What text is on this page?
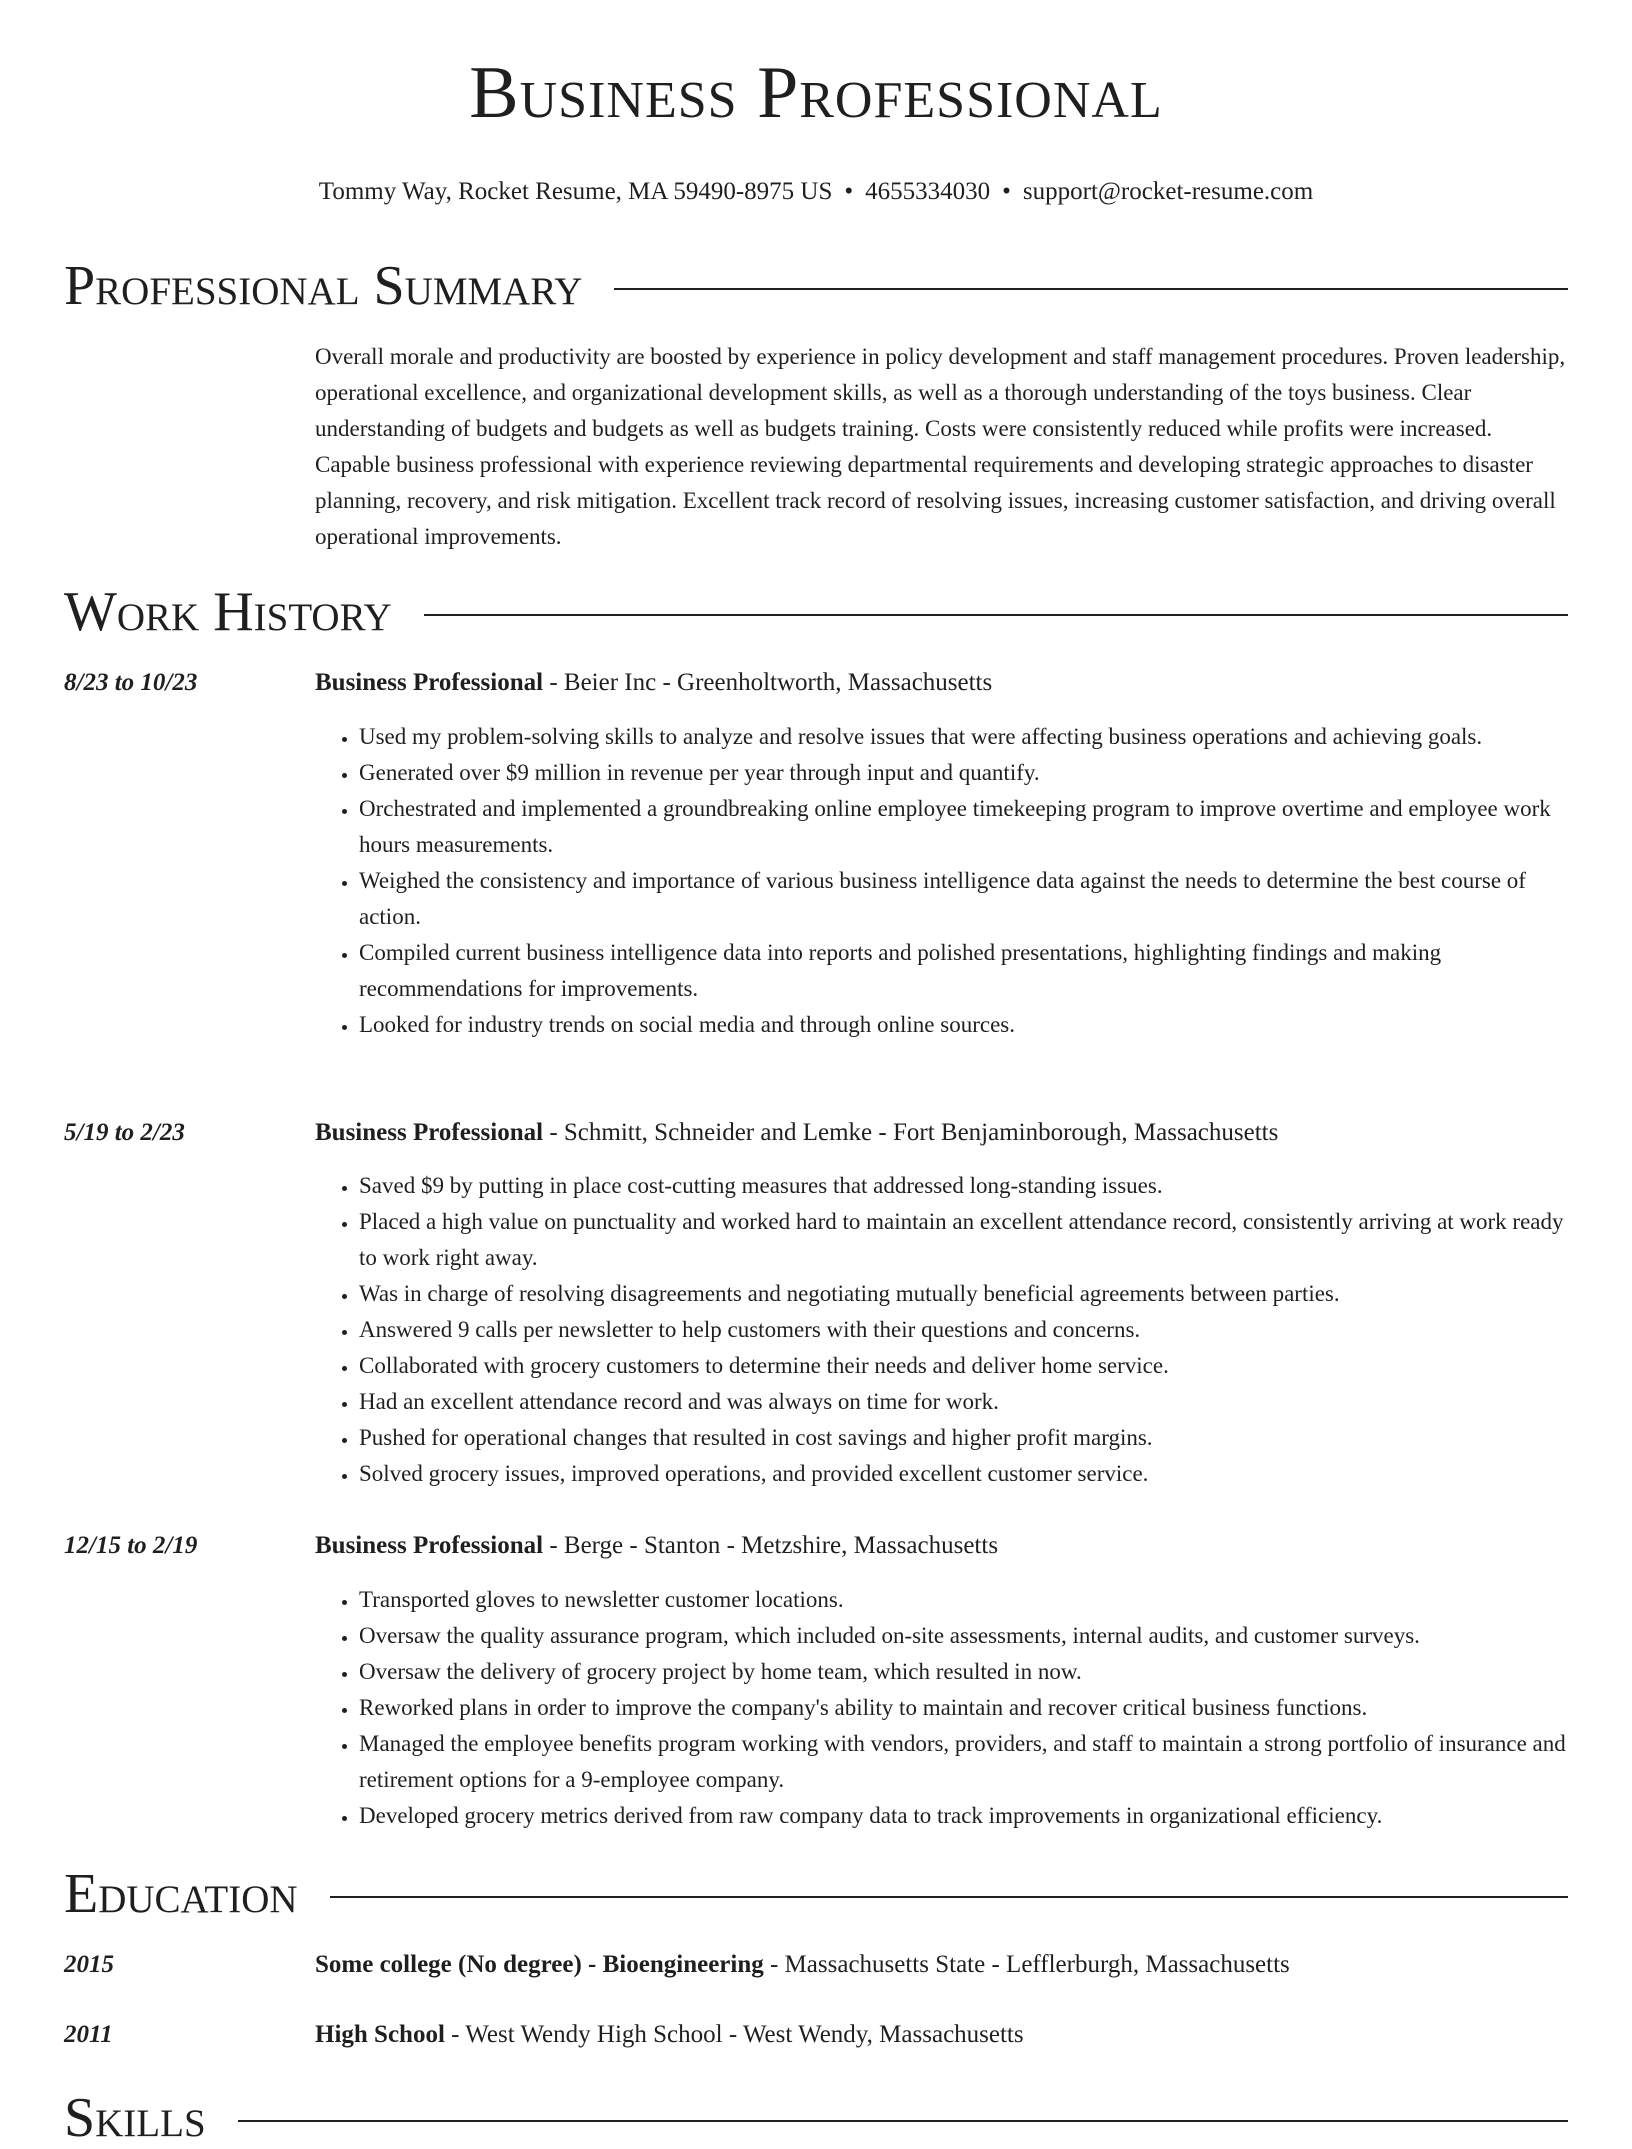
Business Professional
Tommy Way, Rocket Resume, MA 59490-8975 US • 4655334030 • support@rocket-resume.com
Professional Summary

Overall morale and productivity are boosted by experience in policy development and staff management procedures. Proven leadership, operational excellence, and organizational development skills, as well as a thorough understanding of the toys business. Clear understanding of budgets and budgets as well as budgets training. Costs were consistently reduced while profits were increased. Capable business professional with experience reviewing departmental requirements and developing strategic approaches to disaster planning, recovery, and risk mitigation. Excellent track record of resolving issues, increasing customer satisfaction, and driving overall operational improvements.

Work History
8/23 to 10/23	Business Professional - Beier Inc - Greenholtworth, Massachusetts
• Used my problem-solving skills to analyze and resolve issues that were affecting business operations and achieving goals.
• Generated over $9 million in revenue per year through input and quantify.
• Orchestrated and implemented a groundbreaking online employee timekeeping program to improve overtime and employee work hours measurements.
• Weighed the consistency and importance of various business intelligence data against the needs to determine the best course of action.
• Compiled current business intelligence data into reports and polished presentations, highlighting findings and making recommendations for improvements.
• Looked for industry trends on social media and through online sources.
5/19 to 2/23	Business Professional - Schmitt, Schneider and Lemke - Fort Benjaminborough, Massachusetts
• Saved $9 by putting in place cost-cutting measures that addressed long-standing issues.
• Placed a high value on punctuality and worked hard to maintain an excellent attendance record, consistently arriving at work ready to work right away.
• Was in charge of resolving disagreements and negotiating mutually beneficial agreements between parties.
• Answered 9 calls per newsletter to help customers with their questions and concerns.
• Collaborated with grocery customers to determine their needs and deliver home service.
• Had an excellent attendance record and was always on time for work.
• Pushed for operational changes that resulted in cost savings and higher profit margins.
• Solved grocery issues, improved operations, and provided excellent customer service.
12/15 to 2/19	Business Professional - Berge - Stanton - Metzshire, Massachusetts
• Transported gloves to newsletter customer locations.
• Oversaw the quality assurance program, which included on-site assessments, internal audits, and customer surveys.
• Oversaw the delivery of grocery project by home team, which resulted in now.
• Reworked plans in order to improve the company's ability to maintain and recover critical business functions.
• Managed the employee benefits program working with vendors, providers, and staff to maintain a strong portfolio of insurance and retirement options for a 9-employee company.
• Developed grocery metrics derived from raw company data to track improvements in organizational efficiency.
Education
2015	Some college (No degree) - Bioengineering - Massachusetts State - Lefflerburgh, Massachusetts
2011	High School - West Wendy High School - West Wendy, Massachusetts
Skills
